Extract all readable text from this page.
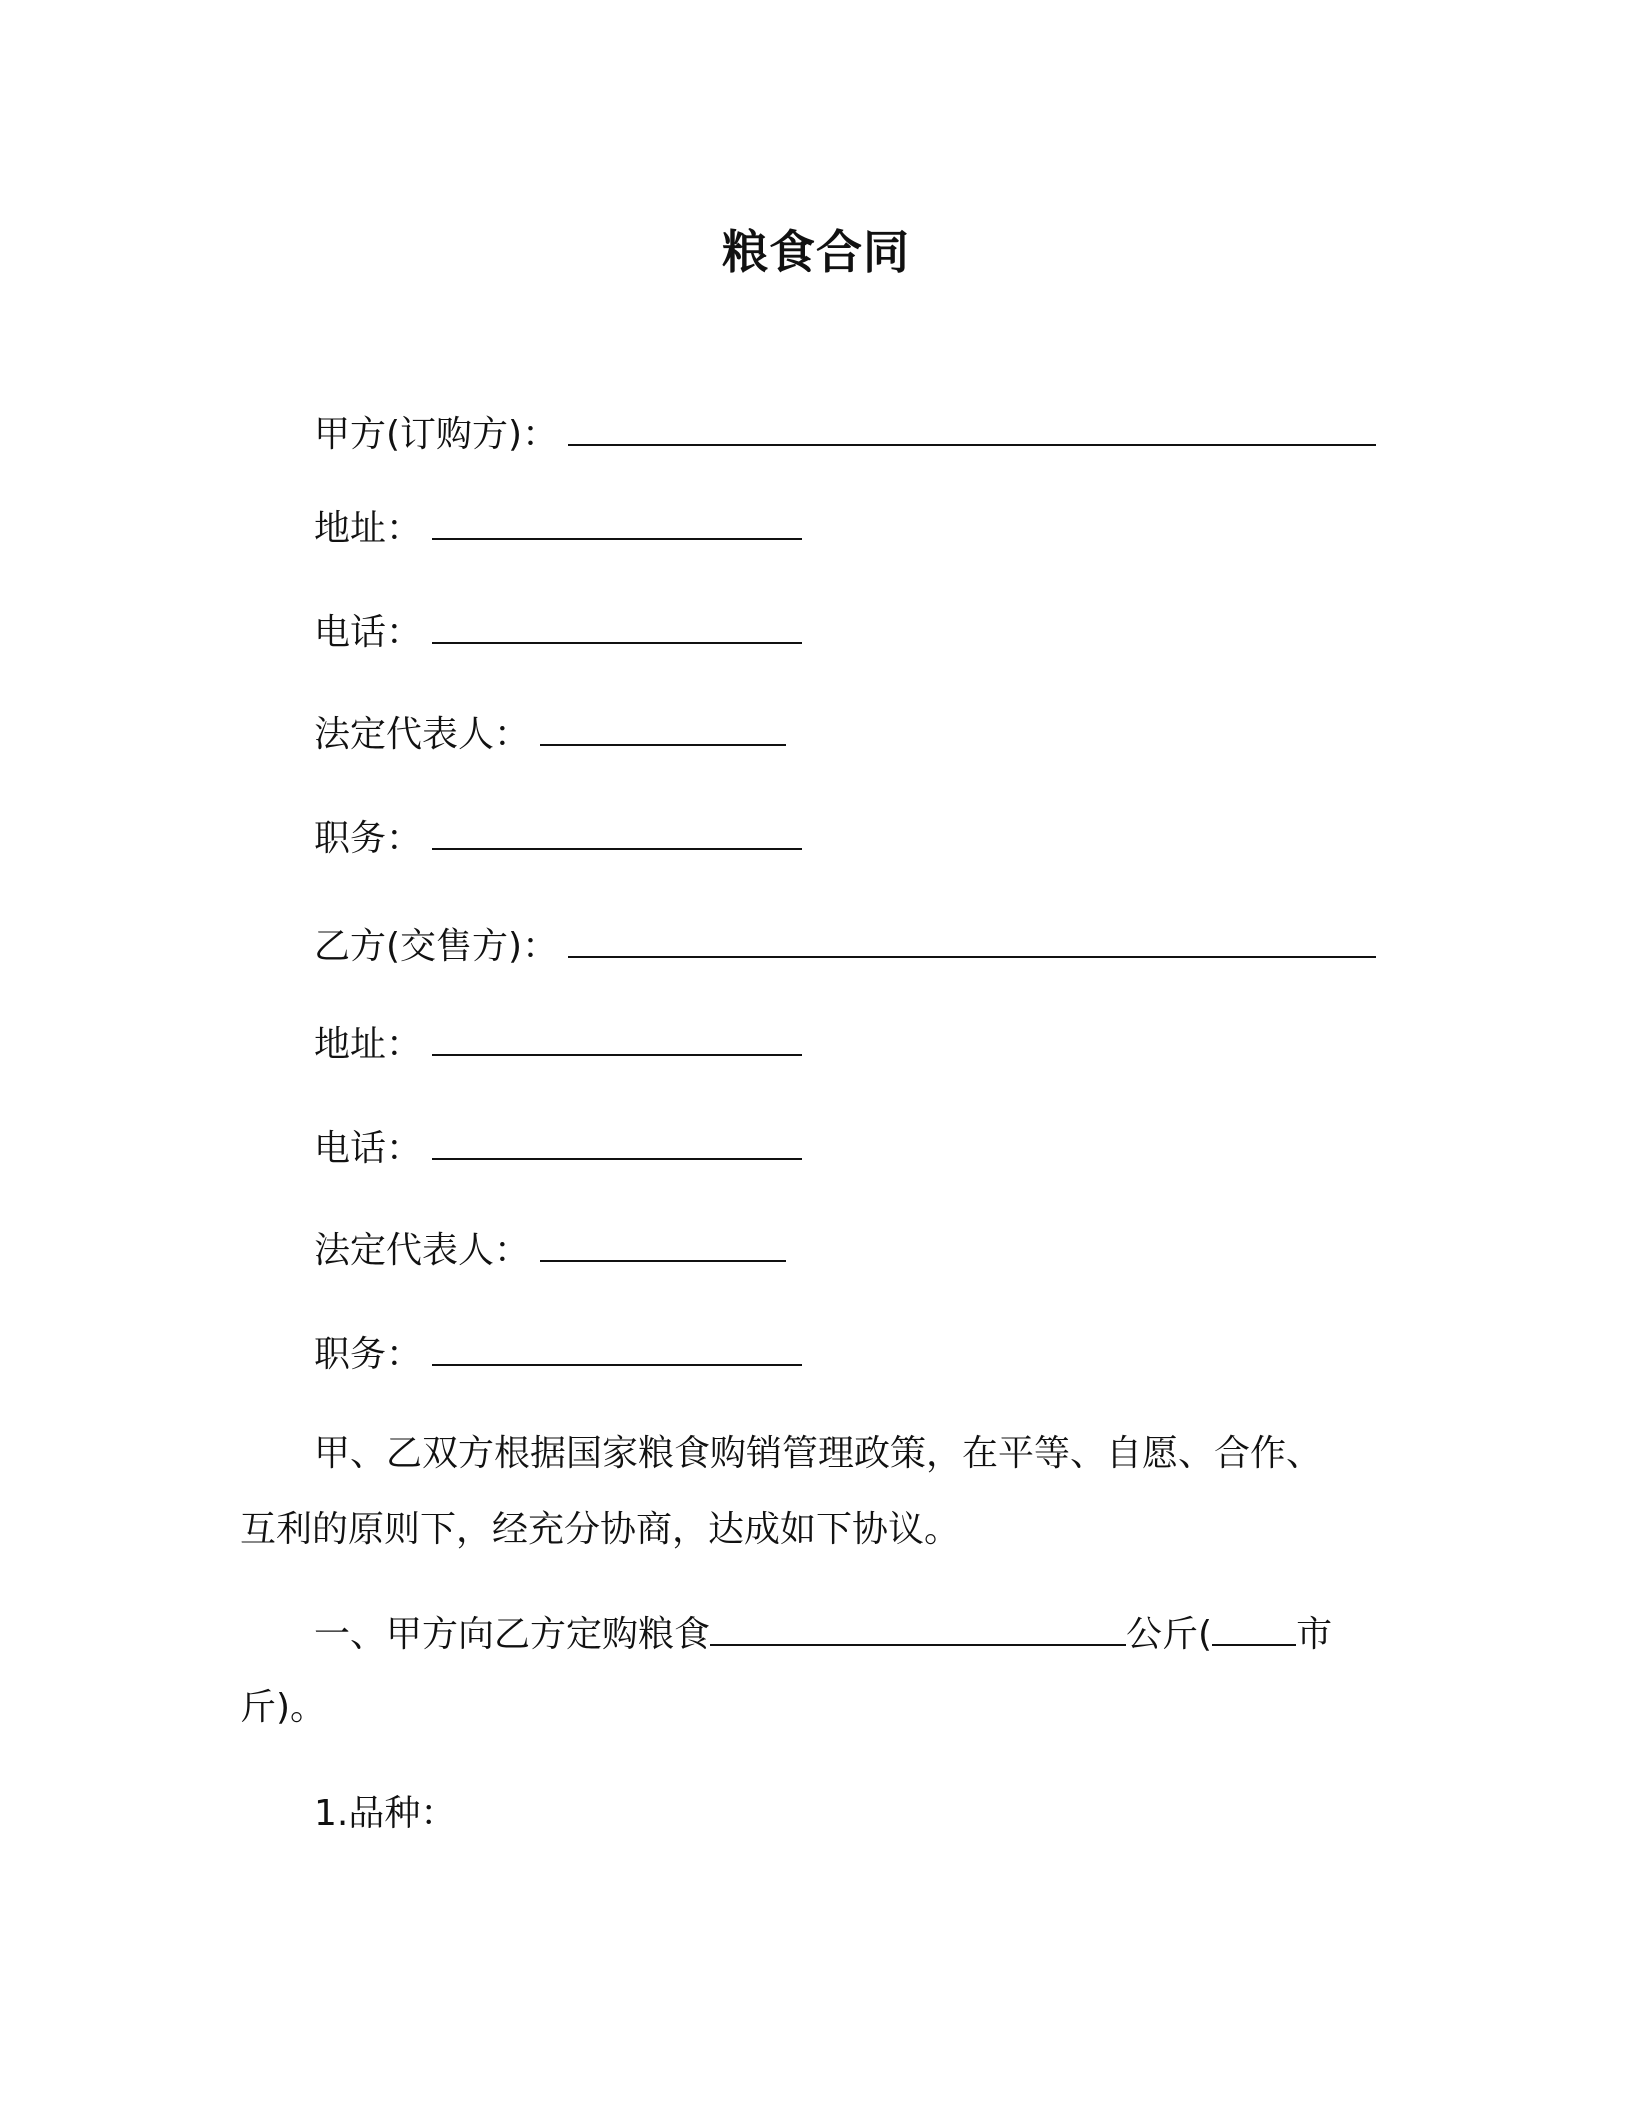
粮食合同
甲方(订购方)：
地址：
电话：
法定代表人：
职务：
乙方(交售方)：
地址：
电话：
法定代表人：
职务：
甲、乙双方根据国家粮食购销管理政策，在平等、自愿、合作、
互利的原则下，经充分协商，达成如下协议。
一、甲方向乙方定购粮食	公斤( 市
斤)。
1.品种：
